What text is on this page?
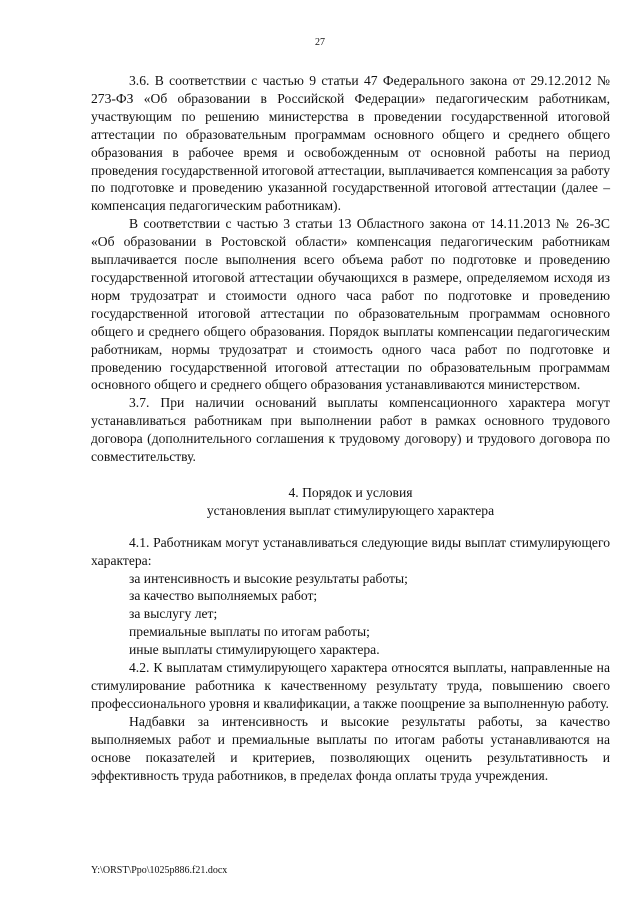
27

3.6. В соответствии с частью 9 статьи 47 Федерального закона от 29.12.2012 № 273-ФЗ «Об образовании в Российской Федерации» педагогическим работникам, участвующим по решению министерства в проведении государственной итоговой аттестации по образовательным программам основного общего и среднего общего образования в рабочее время и освобожденным от основной работы на период проведения государственной итоговой аттестации, выплачивается компенсация за работу по подготовке и проведению указанной государственной итоговой аттестации (далее – компенсация педагогическим работникам).

В соответствии с частью 3 статьи 13 Областного закона от 14.11.2013 № 26-ЗС «Об образовании в Ростовской области» компенсация педагогическим работникам выплачивается после выполнения всего объема работ по подготовке и проведению государственной итоговой аттестации обучающихся в размере, определяемом исходя из норм трудозатрат и стоимости одного часа работ по подготовке и проведению государственной итоговой аттестации по образовательным программам основного общего и среднего общего образования. Порядок выплаты компенсации педагогическим работникам, нормы трудозатрат и стоимость одного часа работ по подготовке и проведению государственной итоговой аттестации по образовательным программам основного общего и среднего общего образования устанавливаются министерством.

3.7. При наличии оснований выплаты компенсационного характера могут устанавливаться работникам при выполнении работ в рамках основного трудового договора (дополнительного соглашения к трудовому договору) и трудового договора по совместительству.

4. Порядок и условия
установления выплат стимулирующего характера

4.1. Работникам могут устанавливаться следующие виды выплат стимулирующего характера:

за интенсивность и высокие результаты работы;
за качество выполняемых работ;
за выслугу лет;
премиальные выплаты по итогам работы;
иные выплаты стимулирующего характера.

4.2. К выплатам стимулирующего характера относятся выплаты, направленные на стимулирование работника к качественному результату труда, повышению своего профессионального уровня и квалификации, а также поощрение за выполненную работу.

Надбавки за интенсивность и высокие результаты работы, за качество выполняемых работ и премиальные выплаты по итогам работы устанавливаются на основе показателей и критериев, позволяющих оценить результативность и эффективность труда работников, в пределах фонда оплаты труда учреждения.

Y:\ORST\Ppo\1025p886.f21.docx
